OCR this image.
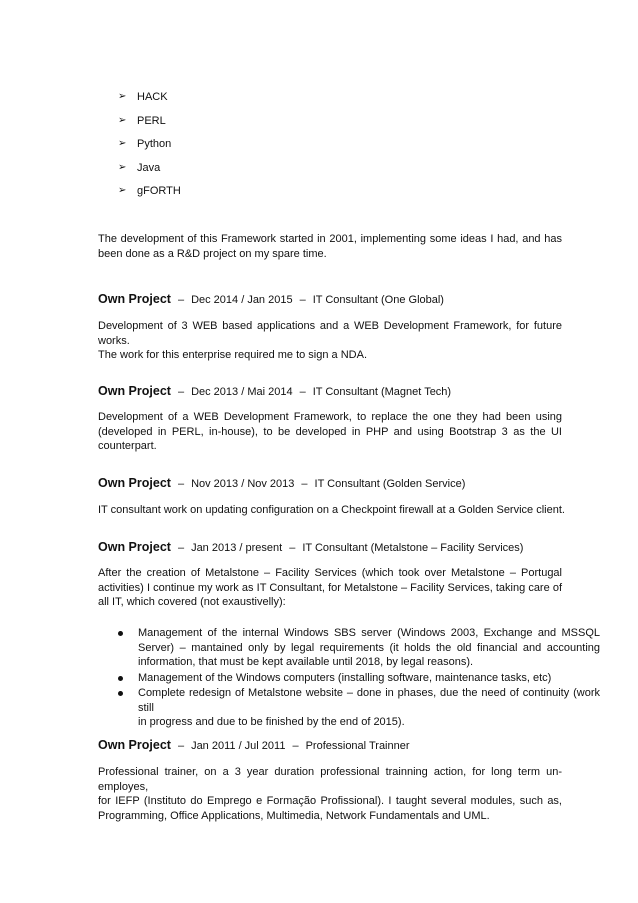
➢ HACK
➢ PERL
➢ Python
➢ Java
➢ gFORTH

The development of this Framework started in 2001, implementing some ideas I had, and has
been done as a R&D project on my spare time.

Own Project – Dec 2014 / Jan 2015 – IT Consultant (One Global)

Development of 3 WEB based applications and a WEB Development Framework, for future
works.
The work for this enterprise required me to sign a NDA.

Own Project – Dec 2013 / Mai 2014 – IT Consultant (Magnet Tech)

Development of a WEB Development Framework, to replace the one they had been using
(developed in PERL, in-house), to be developed in PHP and using Bootstrap 3 as the UI
counterpart.

Own Project – Nov 2013 / Nov 2013 – IT Consultant (Golden Service)

IT consultant work on updating configuration on a Checkpoint firewall at a Golden Service client.

Own Project – Jan 2013 / present – IT Consultant (Metalstone – Facility Services)

After the creation of Metalstone – Facility Services (which took over Metalstone – Portugal
activities) I continue my work as IT Consultant, for Metalstone – Facility Services, taking care of
all IT, which covered (not exaustivelly):

Management of the internal Windows SBS server (Windows 2003, Exchange and MSSQL
Server) – mantained only by legal requirements (it holds the old financial and accounting
information, that must be kept available until 2018, by legal reasons).
Management of the Windows computers (installing software, maintenance tasks, etc)
Complete redesign of Metalstone website – done in phases, due the need of continuity (work still
in progress and due to be finished by the end of 2015).
Own Project – Jan 2011 / Jul 2011 – Professional Trainner

Professional trainer, on a 3 year duration professional trainning action, for long term un-employes,
for IEFP (Instituto do Emprego e Formação Profissional). I taught several modules, such as,
Programming, Office Applications, Multimedia, Network Fundamentals and UML.
